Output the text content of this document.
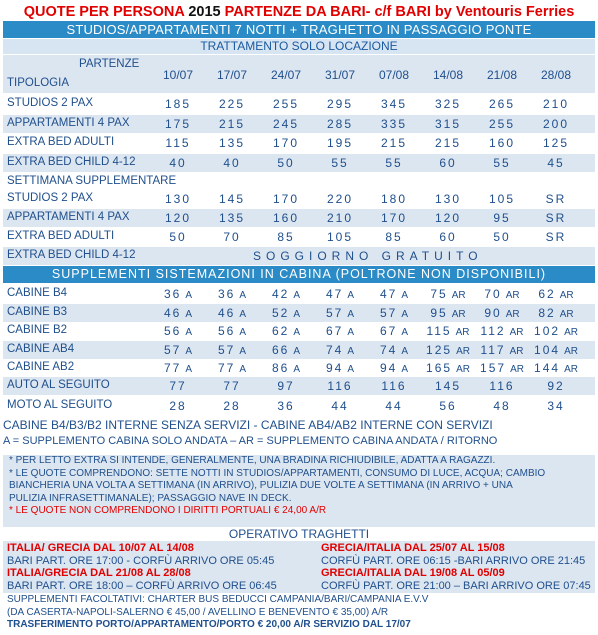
QUOTE PER PERSONA 2015 PARTENZE DA BARI- c/f BARI by Ventouris Ferries
STUDIOS/APPARTAMENTI 7 NOTTI + TRAGHETTO IN PASSAGGIO PONTE
TRATTAMENTO SOLO LOCAZIONE
PARTENZE
TIPOLOGIA
10/07	17/07	24/07	31/07	07/08	14/08	21/08	28/08
STUDIOS 2 PAX	185	225	255	295	345	325	265	210
APPARTAMENTI 4 PAX	175	215	245	285	335	315	255	200
EXTRA BED ADULTI	115	135	170	195	215	215	160	125
EXTRA BED CHILD 4-12	40	40	50	55	55	60	55	45
SETTIMANA SUPPLEMENTARE
STUDIOS 2 PAX	130	145	170	220	180	130	105	SR
APPARTAMENTI 4 PAX	120	135	160	210	170	120	95	SR
EXTRA BED ADULTI	50	70	85	105	85	60	50	SR
EXTRA BED CHILD 4-12	SOGGIORNO GRATUITO
SUPPLEMENTI SISTEMAZIONI IN CABINA (POLTRONE NON DISPONIBILI)
CABINE B4	36 A	36 A	42 A	47 A	47 A	75 AR	70 AR	62 AR
CABINE B3	46 A	46 A	52 A	57 A	57 A	95 AR	90 AR	82 AR
CABINE B2	56 A	56 A	62 A	67 A	67 A	115 AR 112 AR 102 AR
CABINE AB4	57 A	57 A	66 A	74 A	74 A	125 AR 117 AR 104 AR
CABINE AB2	77 A	77 A	86 A	94 A	94 A	165 AR 157 AR 144 AR
AUTO AL SEGUITO	77	77	97	116	116	145	116	92
MOTO AL SEGUITO	28	28	36	44	44	56	48	34
CABINE B4/B3/B2 INTERNE SENZA SERVIZI - CABINE AB4/AB2 INTERNE CON SERVIZI
A = SUPPLEMENTO CABINA SOLO ANDATA – AR = SUPPLEMENTO CABINA ANDATA / RITORNO
* PER LETTO EXTRA SI INTENDE, GENERALMENTE, UNA BRADINA RICHIUDIBILE, ADATTA A RAGAZZI.
* LE QUOTE COMPRENDONO: SETTE NOTTI IN STUDIOS/APPARTAMENTI, CONSUMO DI LUCE, ACQUA; CAMBIO
BIANCHERIA UNA VOLTA A SETTIMANA (IN ARRIVO), PULIZIA DUE VOLTE A SETTIMANA (IN ARRIVO + UNA
PULIZIA INFRASETTIMANALE); PASSAGGIO NAVE IN DECK.
* LE QUOTE NON COMPRENDONO I DIRITTI PORTUALI € 24,00 A/R
OPERATIVO TRAGHETTI
ITALIA/ GRECIA DAL 10/07 AL 14/08
BARI PART. ORE 17:00 - CORFÙ ARRIVO ORE 05:45
ITALIA/GRECIA DAL 21/08 AL 28/08
BARI PART. ORE 18:00 – CORFÙ ARRIVO ORE 06:45
GRECIA/ITALIA DAL 25/07 AL 15/08
CORFÙ PART. ORE 06:15 -BARI ARRIVO ORE 21:45
GRECIA/ITALIA DAL 19/08 AL 05/09
CORFÙ PART. ORE 21:00 – BARI ARRIVO ORE 07:45
SUPPLEMENTI FACOLTATIVI: CHARTER BUS BEDUCCI CAMPANIA/BARI/CAMPANIA E.V.V
(DA CASERTA-NAPOLI-SALERNO € 45,00 / AVELLINO E BENEVENTO € 35,00) A/R
TRASFERIMENTO PORTO/APPARTAMENTO/PORTO € 20,00 A/R SERVIZIO DAL 17/07
